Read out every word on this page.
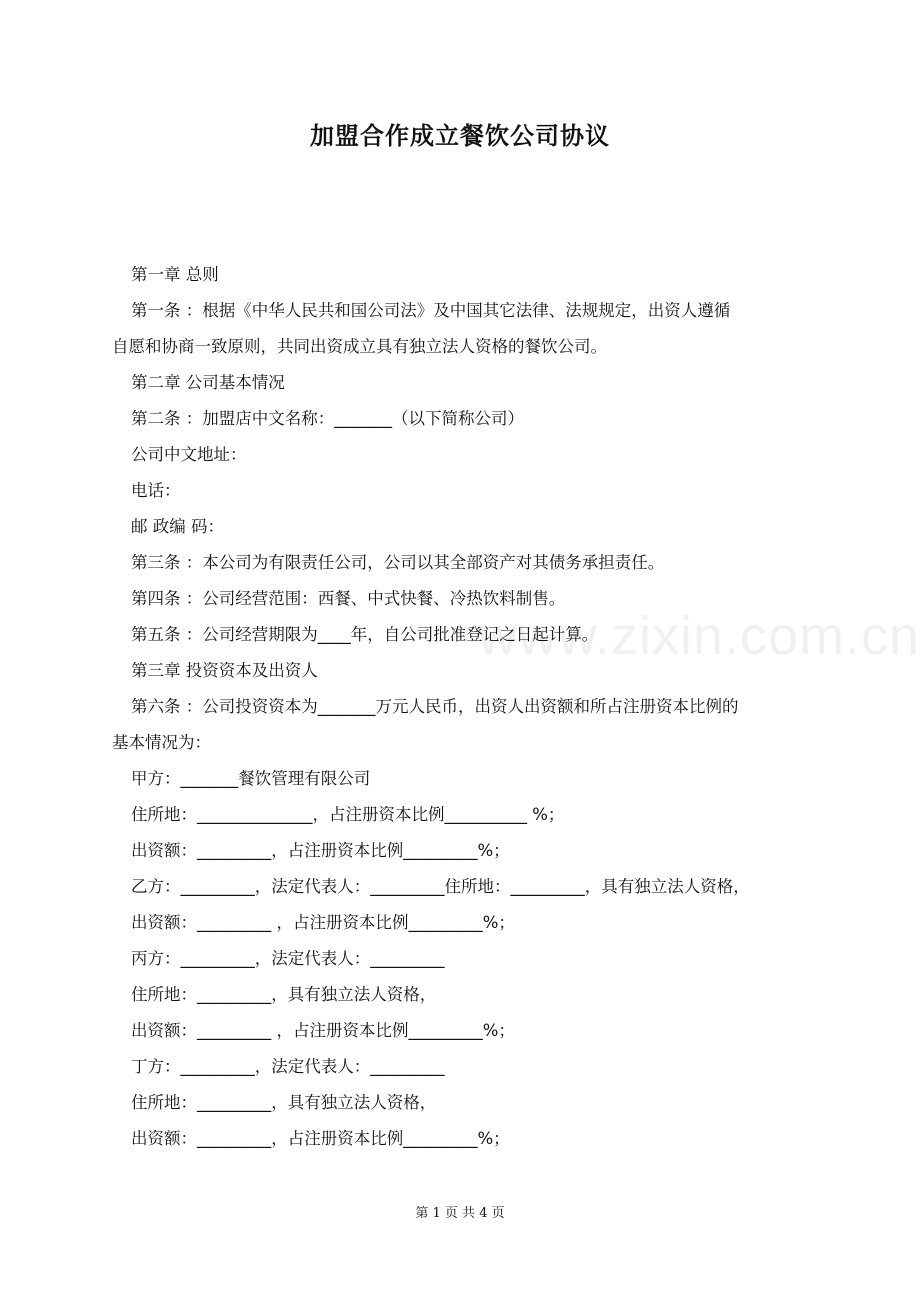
加盟合作成立餐饮公司协议
www.zixin.com.cn
第一章 总则
第一条 ：根据《中华人民共和国公司法》及中国其它法律、法规规定，出资人遵循
自愿和协商一致原则，共同出资成立具有独立法人资格的餐饮公司。
第二章 公司基本情况
第二条 ：加盟店中文名称：_______（以下简称公司）
公司中文地址：
电话：
邮 政编 码：
第三条 ：本公司为有限责任公司，公司以其全部资产对其债务承担责任。
第四条 ：公司经营范围：西餐、中式快餐、冷热饮料制售。
第五条 ：公司经营期限为____年，自公司批准登记之日起计算。
第三章 投资资本及出资人
第六条 ：公司投资资本为_______万元人民币，出资人出资额和所占注册资本比例的
基本情况为：
甲方：_______餐饮管理有限公司
住所地：______________，占注册资本比例__________ %；
出资额：_________，占注册资本比例_________%；
乙方：_________，法定代表人：_________住所地：_________，具有独立法人资格，
出资额：_________ ，占注册资本比例_________%；
丙方：_________，法定代表人：_________
住所地：_________，具有独立法人资格，
出资额：_________ ，占注册资本比例_________%；
丁方：_________，法定代表人：_________
住所地：_________，具有独立法人资格，
出资额：_________，占注册资本比例_________%；
第 1 页 共 4 页
